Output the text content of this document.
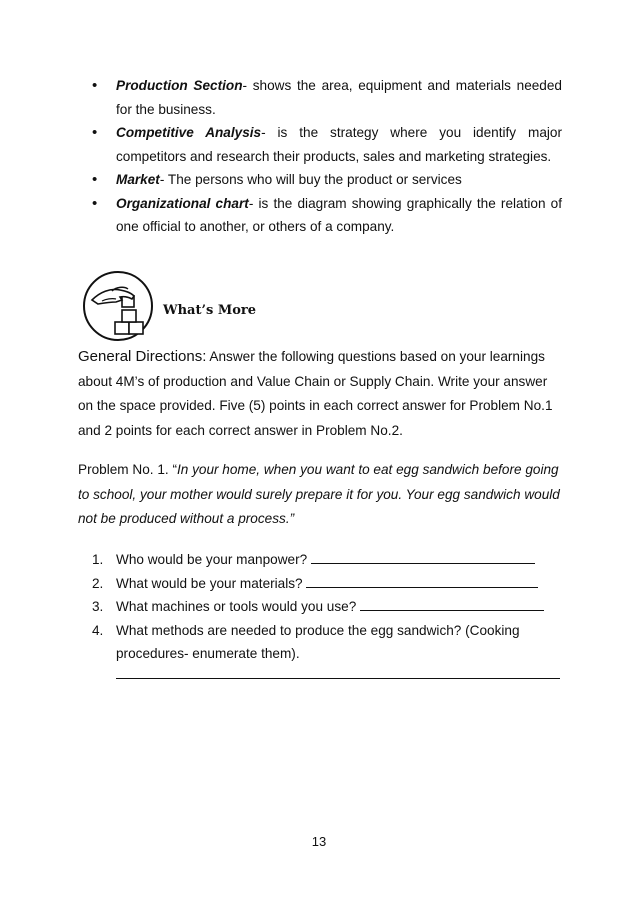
• Production Section- shows the area, equipment and materials needed for the business.
• Competitive Analysis- is the strategy where you identify major competitors and research their products, sales and marketing strategies.
• Market- The persons who will buy the product or services
• Organizational chart- is the diagram showing graphically the relation of one official to another, or others of a company.
What’s More
General Directions: Answer the following questions based on your learnings about 4M’s of production and Value Chain or Supply Chain. Write your answer on the space provided. Five (5) points in each correct answer for Problem No.1 and 2 points for each correct answer in Problem No.2.
Problem No. 1. “In your home, when you want to eat egg sandwich before going to school, your mother would surely prepare it for you. Your egg sandwich would not be produced without a process.”
1. Who would be your manpower?
2. What would be your materials?
3. What machines or tools would you use?
4. What methods are needed to produce the egg sandwich? (Cooking procedures- enumerate them).
13
